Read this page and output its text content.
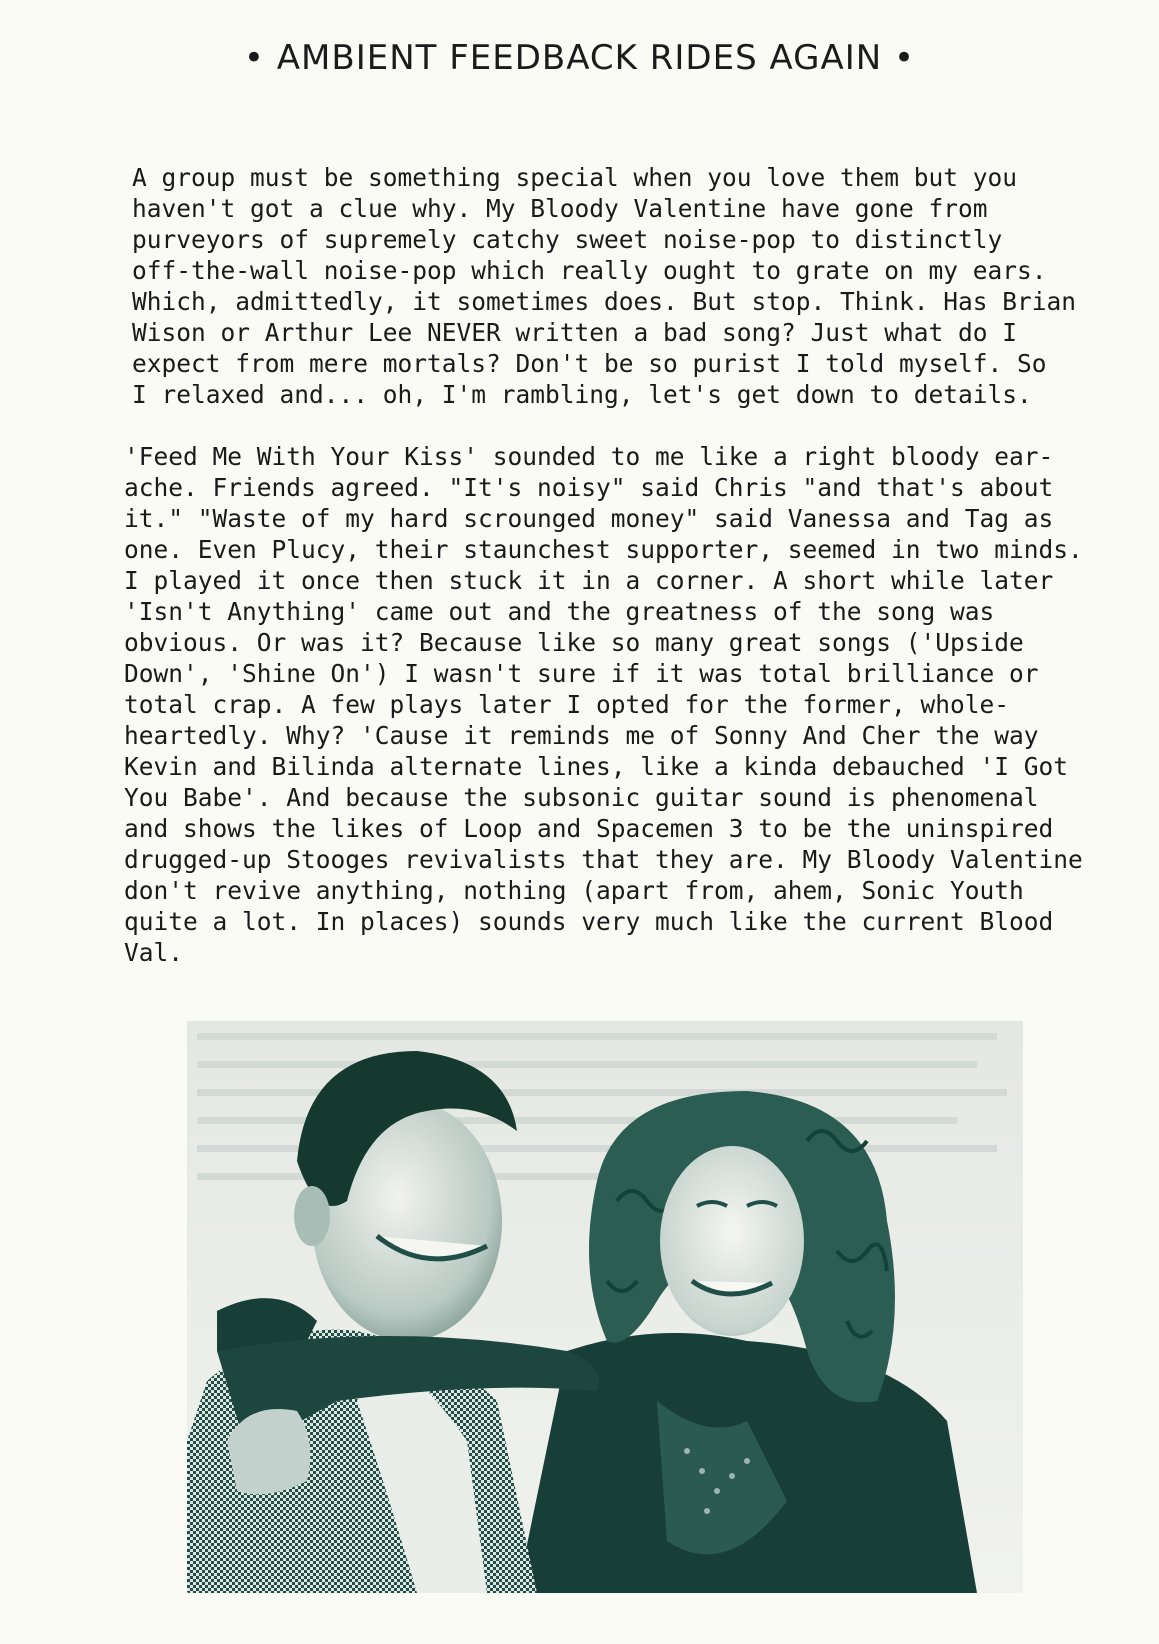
• AMBIENT FEEDBACK RIDES AGAIN •
A group must be something special when you love them but you
haven't got a clue why. My Bloody Valentine have gone from
purveyors of supremely catchy sweet noise-pop to distinctly
off-the-wall noise-pop which really ought to grate on my ears.
Which, admittedly, it sometimes does. But stop. Think. Has Brian
Wison or Arthur Lee NEVER written a bad song? Just what do I
expect from mere mortals? Don't be so purist I told myself. So
I relaxed and... oh, I'm rambling, let's get down to details.
'Feed Me With Your Kiss' sounded to me like a right bloody ear-
ache. Friends agreed. "It's noisy" said Chris "and that's about
it." "Waste of my hard scrounged money" said Vanessa and Tag as
one. Even Plucy, their staunchest supporter, seemed in two minds.
I played it once then stuck it in a corner. A short while later
'Isn't Anything' came out and the greatness of the song was
obvious. Or was it? Because like so many great songs ('Upside
Down', 'Shine On') I wasn't sure if it was total brilliance or
total crap. A few plays later I opted for the former, whole-
heartedly. Why? 'Cause it reminds me of Sonny And Cher the way
Kevin and Bilinda alternate lines, like a kinda debauched 'I Got
You Babe'. And because the subsonic guitar sound is phenomenal
and shows the likes of Loop and Spacemen 3 to be the uninspired
drugged-up Stooges revivalists that they are. My Bloody Valentine
don't revive anything, nothing (apart from, ahem, Sonic Youth
quite a lot. In places) sounds very much like the current Blood
Val.
